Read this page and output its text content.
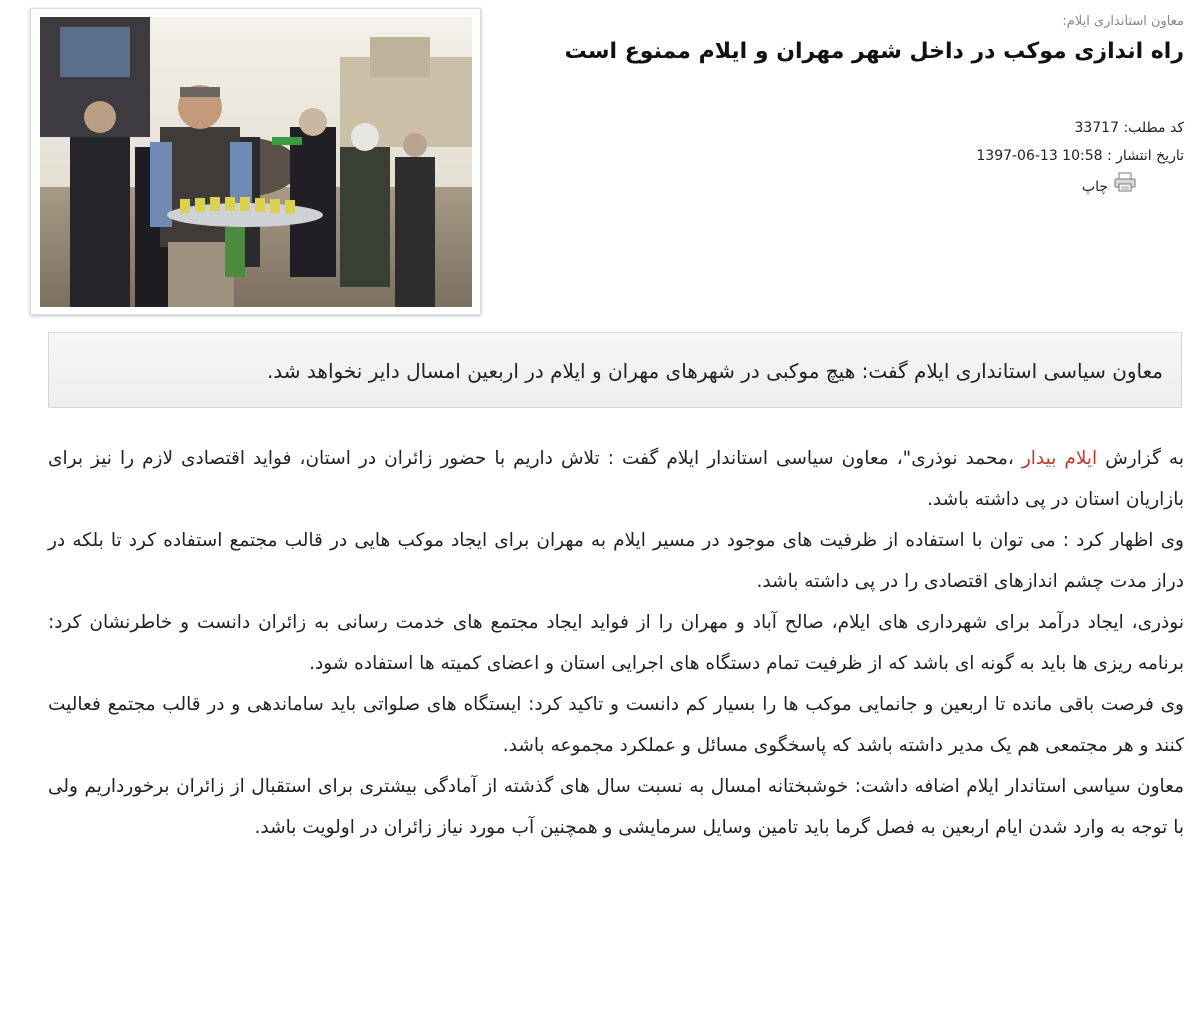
معاون استانداری ایلام:
راه اندازی موکب در داخل شهر مهران و ایلام ممنوع است
کد مطلب: 33717
تاریخ انتشار : 1397-06-13 10:58
چاپ
معاون سیاسی استانداری ایلام گفت: هیچ موکبی در شهرهای مهران و ایلام در اربعین امسال دایر نخواهد شد.

به گزارش ایلام بیدار ،محمد نوذری"، معاون سیاسی استاندار ایلام گفت : تلاش داریم با حضور زائران در استان، فواید اقتصادی لازم را نیز برای بازاریان استان در پی داشته باشد.

وی اظهار کرد : می توان با استفاده از ظرفیت های موجود در مسیر ایلام به مهران برای ایجاد موکب هایی در قالب مجتمع استفاده کرد تا بلکه در دراز مدت چشم اندازهای اقتصادی را در پی داشته باشد.

نوذری، ایجاد درآمد برای شهرداری های ایلام، صالح آباد و مهران را از فواید ایجاد مجتمع های خدمت رسانی به زائران دانست و خاطرنشان کرد: برنامه ریزی ها باید به گونه ای باشد که از ظرفیت تمام دستگاه های اجرایی استان و اعضای کمیته ها استفاده شود.

وی فرصت باقی مانده تا اربعین و جانمایی موکب ها را بسیار کم دانست و تاکید کرد: ایستگاه های صلواتی باید ساماندهی و در قالب مجتمع فعالیت کنند و هر مجتمعی هم یک مدیر داشته باشد که پاسخگوی مسائل و عملکرد مجموعه باشد.

معاون سیاسی استاندار ایلام اضافه داشت: خوشبختانه امسال به نسبت سال های گذشته از آمادگی بیشتری برای استقبال از زائران برخورداریم ولی با توجه به وارد شدن ایام اربعین به فصل گرما باید تامین وسایل سرمایشی و همچنین آب مورد نیاز زائران در اولویت باشد.
